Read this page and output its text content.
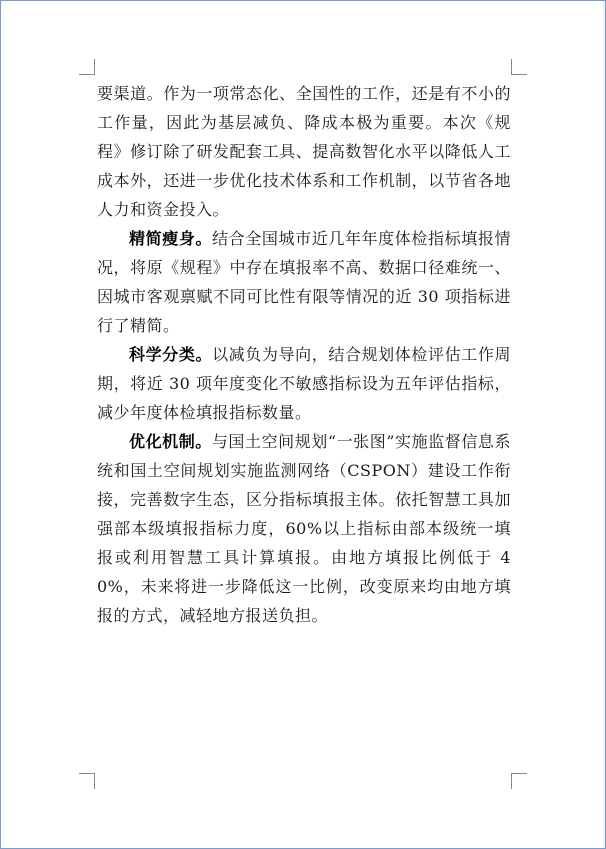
要渠道。作为一项常态化、全国性的工作，还是有不小的工作量，因此为基层减负、降成本极为重要。本次《规程》修订除了研发配套工具、提高数智化水平以降低人工成本外，还进一步优化技术体系和工作机制，以节省各地人力和资金投入。

精简瘦身。结合全国城市近几年年度体检指标填报情况，将原《规程》中存在填报率不高、数据口径难统一、因城市客观禀赋不同可比性有限等情况的近 30 项指标进行了精简。

科学分类。以减负为导向，结合规划体检评估工作周期，将近 30 项年度变化不敏感指标设为五年评估指标，减少年度体检填报指标数量。

优化机制。与国土空间规划“一张图”实施监督信息系统和国土空间规划实施监测网络（CSPON）建设工作衔接，完善数字生态，区分指标填报主体。依托智慧工具加强部本级填报指标力度，60%以上指标由部本级统一填报或利用智慧工具计算填报。由地方填报比例低于 40%，未来将进一步降低这一比例，改变原来均由地方填报的方式，减轻地方报送负担。
